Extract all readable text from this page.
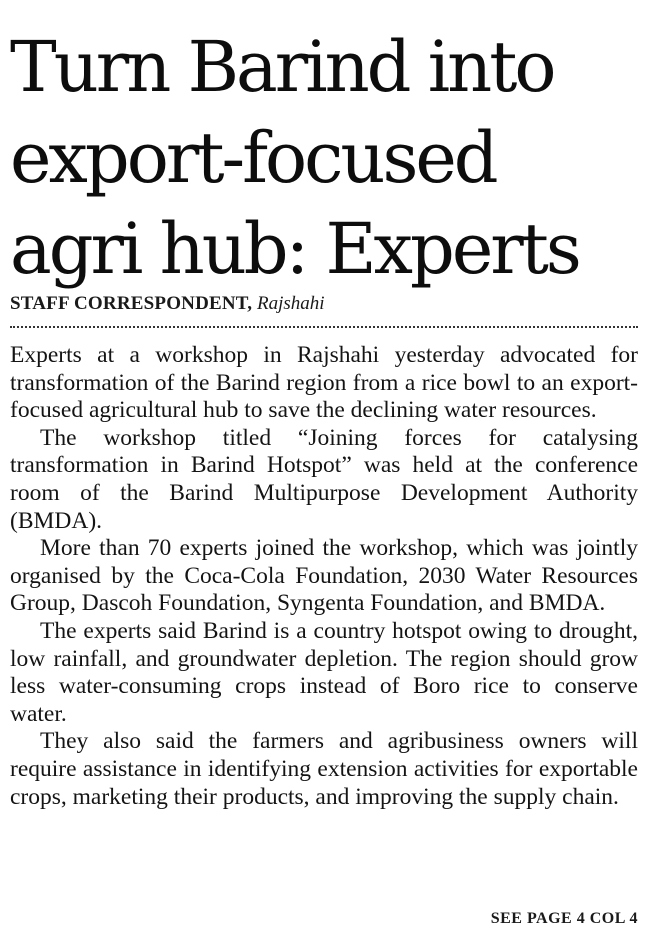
Turn Barind into
export-focused
agri hub: Experts
STAFF CORRESPONDENT, Rajshahi

Experts at a workshop in Rajshahi yesterday advocated for transformation of the Barind region from a rice bowl to an export-focused agricultural hub to save the declining water resources.

The workshop titled “Joining forces for catalysing transformation in Barind Hotspot” was held at the conference room of the Barind Multipurpose Development Authority (BMDA).

More than 70 experts joined the workshop, which was jointly organised by the Coca-Cola Foundation, 2030 Water Resources Group, Dascoh Foundation, Syngenta Foundation, and BMDA.

The experts said Barind is a country hotspot owing to drought, low rainfall, and groundwater depletion. The region should grow less water-consuming crops instead of Boro rice to conserve water.

They also said the farmers and agribusiness owners will require assistance in identifying extension activities for exportable crops, marketing their products, and improving the supply chain.

SEE PAGE 4 COL 4
